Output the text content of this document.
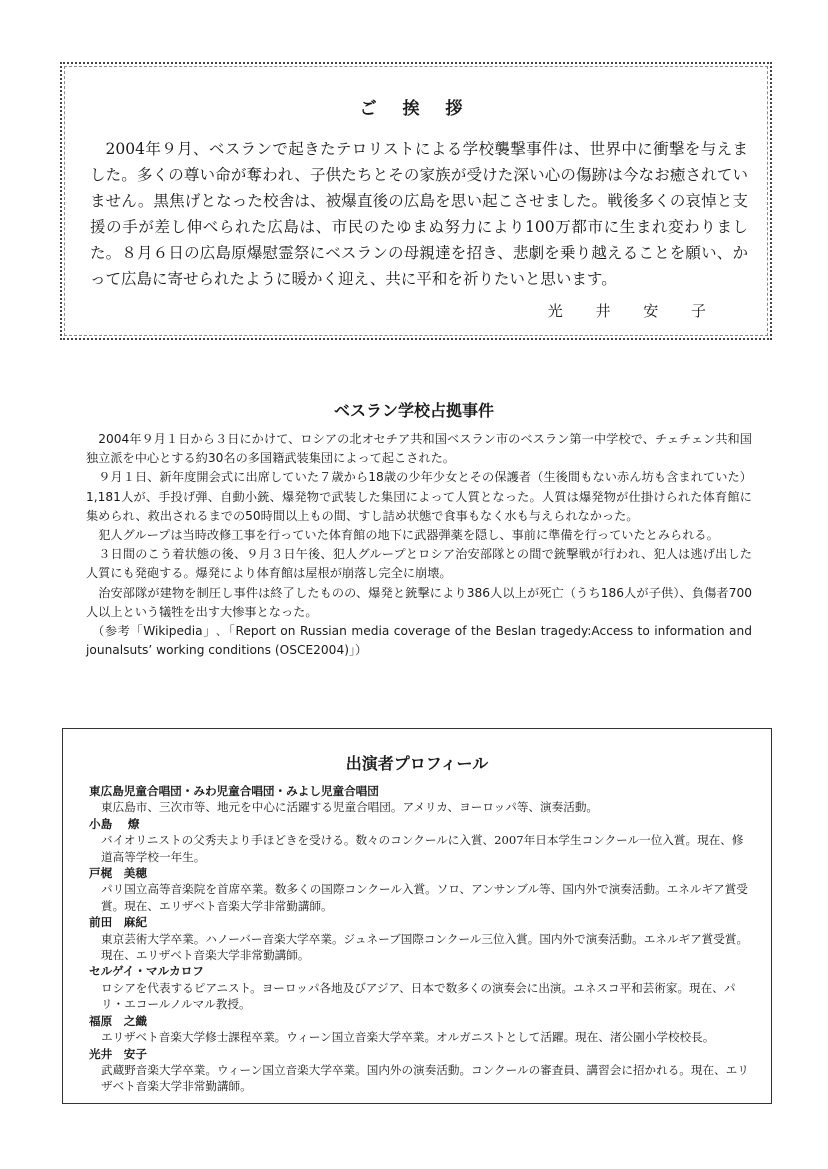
ご 挨 拶

2004年９月、ベスランで起きたテロリストによる学校襲撃事件は、世界中に衝撃を与えました。多くの尊い命が奪われ、子供たちとその家族が受けた深い心の傷跡は今なお癒されていません。黒焦げとなった校舎は、被爆直後の広島を思い起こさせました。戦後多くの哀悼と支援の手が差し伸べられた広島は、市民のたゆまぬ努力により100万都市に生まれ変わりました。８月６日の広島原爆慰霊祭にベスランの母親達を招き、悲劇を乗り越えることを願い、かって広島に寄せられたように暖かく迎え、共に平和を祈りたいと思います。

光 井 安 子
ベスラン学校占拠事件

2004年９月１日から３日にかけて、ロシアの北オセチア共和国ベスラン市のベスラン第一中学校で、チェチェン共和国独立派を中心とする約30名の多国籍武装集団によって起こされた。

９月１日、新年度開会式に出席していた７歳から18歳の少年少女とその保護者（生後間もない赤ん坊も含まれていた）1,181人が、手投げ弾、自動小銃、爆発物で武装した集団によって人質となった。人質は爆発物が仕掛けられた体育館に集められ、救出されるまでの50時間以上もの間、すし詰め状態で食事もなく水も与えられなかった。

犯人グループは当時改修工事を行っていた体育館の地下に武器弾薬を隠し、事前に準備を行っていたとみられる。

３日間のこう着状態の後、９月３日午後、犯人グループとロシア治安部隊との間で銃撃戦が行われ、犯人は逃げ出した人質にも発砲する。爆発により体育館は屋根が崩落し完全に崩壊。

治安部隊が建物を制圧し事件は終了したものの、爆発と銃撃により386人以上が死亡（うち186人が子供）、負傷者700人以上という犠牲を出す大惨事となった。

（参考「Wikipedia」､「Report on Russian media coverage of the Beslan tragedy:Access to information and jounalsuts’ working conditions (OSCE2004)」）

出演者プロフィール
東広島児童合唱団・みわ児童合唱団・みよし児童合唱団

東広島市、三次市等、地元を中心に活躍する児童合唱団。アメリカ、ヨーロッパ等、演奏活動。

小島　 燎

バイオリニストの父秀夫より手ほどきを受ける。数々のコンクールに入賞、2007年日本学生コンクール一位入賞。現在、修道高等学校一年生。

戸梶　美穂

パリ国立高等音楽院を首席卒業。数多くの国際コンクール入賞。ソロ、アンサンブル等、国内外で演奏活動。エネルギア賞受賞。現在、エリザベト音楽大学非常勤講師。

前田　麻紀

東京芸術大学卒業。ハノーバー音楽大学卒業。ジュネーブ国際コンクール三位入賞。国内外で演奏活動。エネルギア賞受賞。現在、エリザベト音楽大学非常勤講師。

セルゲイ・マルカロフ

ロシアを代表するピアニスト。ヨーロッパ各地及びアジア、日本で数多くの演奏会に出演。ユネスコ平和芸術家。現在、パリ・エコールノルマル教授。

福原　之織

エリザベト音楽大学修士課程卒業。ウィーン国立音楽大学卒業。オルガニストとして活躍。現在、渚公園小学校校長。

光井　安子

武蔵野音楽大学卒業。ウィーン国立音楽大学卒業。国内外の演奏活動。コンクールの審査員、講習会に招かれる。現在、エリザベト音楽大学非常勤講師。
